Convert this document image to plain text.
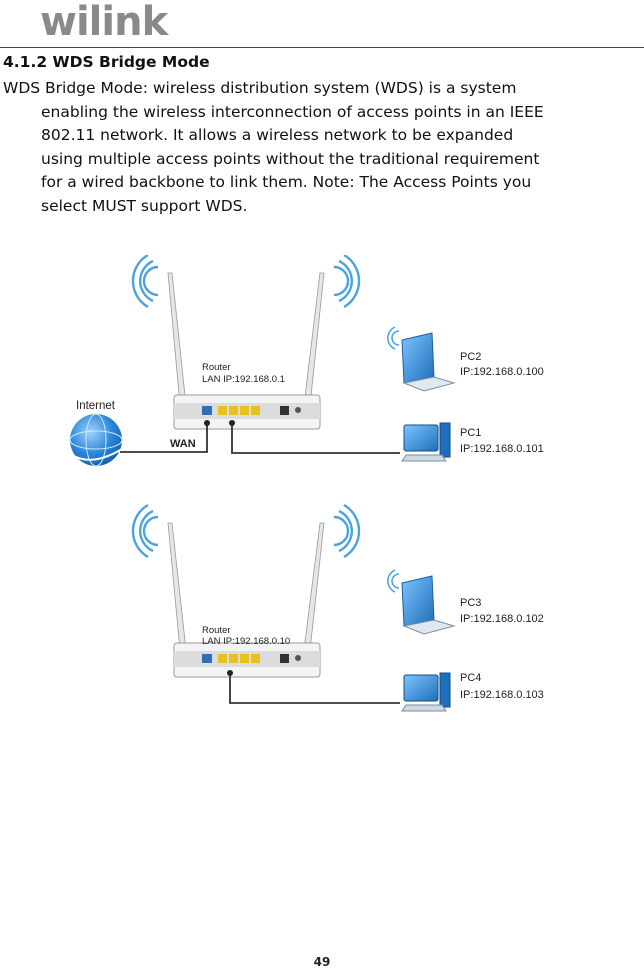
wilink
4.1.2 WDS Bridge Mode

WDS Bridge Mode: wireless distribution system (WDS) is a system

enabling the wireless interconnection of access points in an IEEE

802.11 network. It allows a wireless network to be expanded

using multiple access points without the traditional requirement

for a wired backbone to link them. Note: The Access Points you

select MUST support WDS.

Router
LAN IP:192.168.0.1
Internet
WAN
PC2
IP:192.168.0.100
PC1
IP:192.168.0.101
Router
LAN IP:192.168.0.10
PC3
IP:192.168.0.102
PC4
IP:192.168.0.103
49
